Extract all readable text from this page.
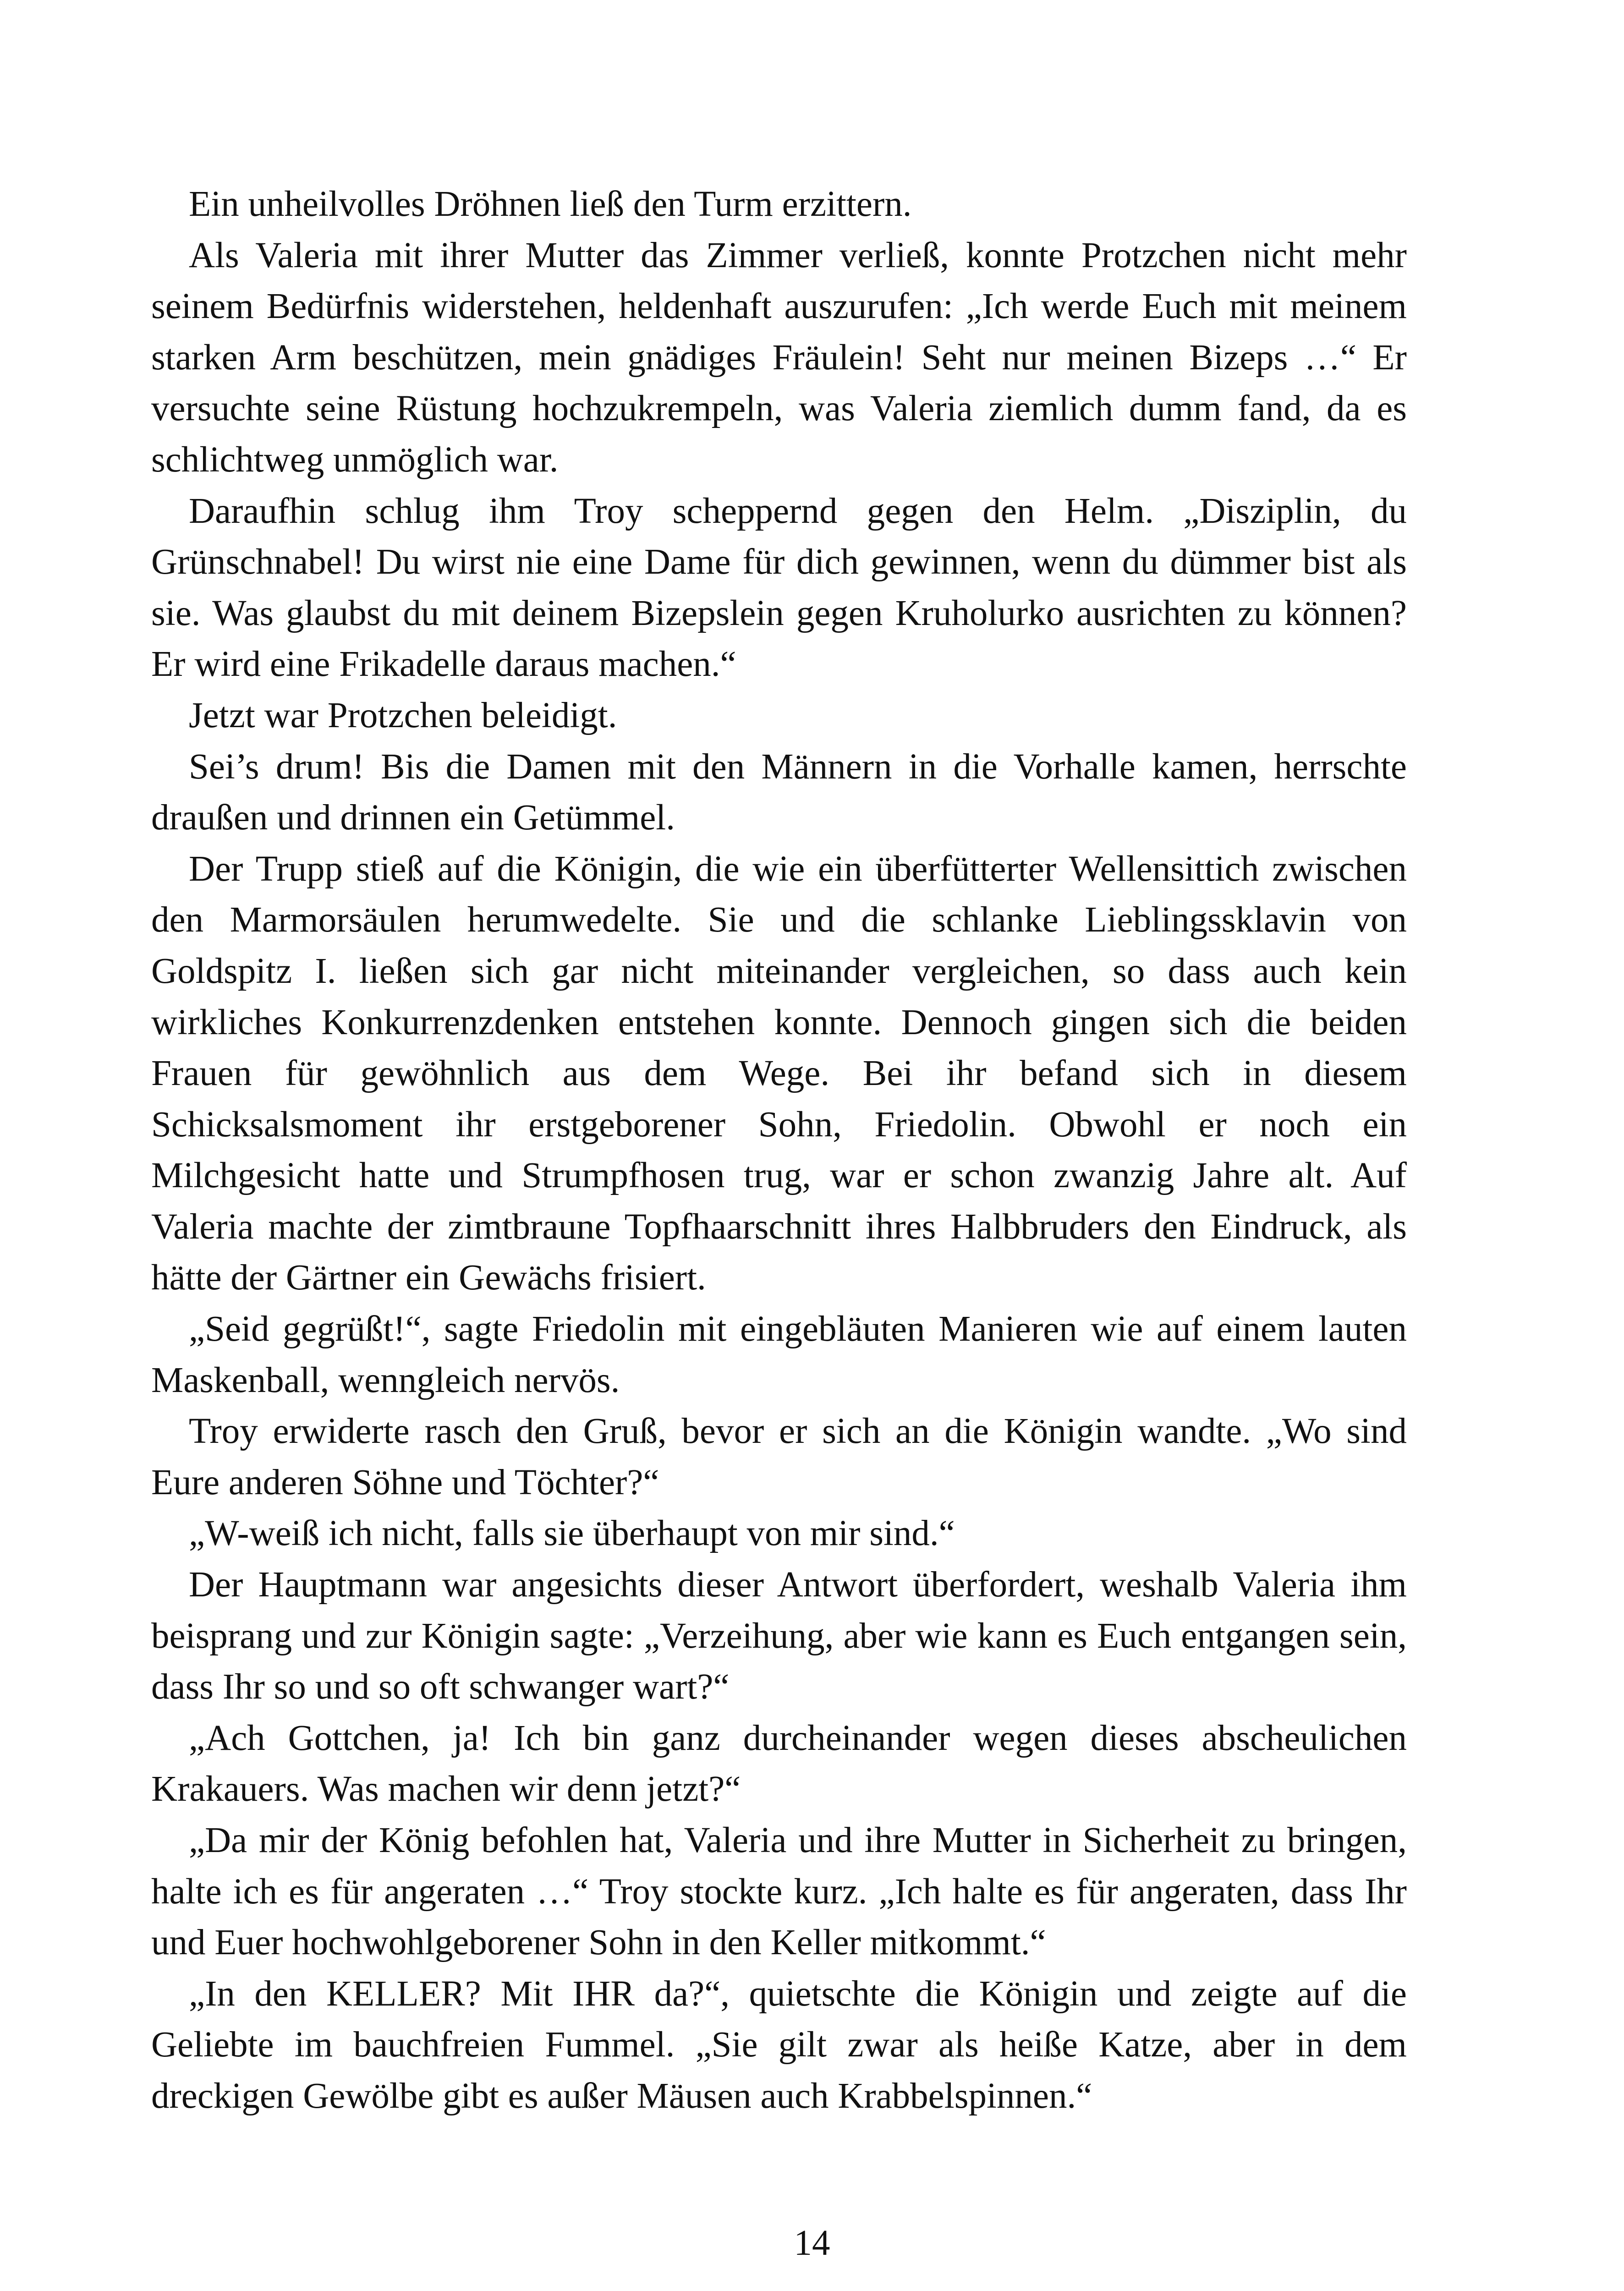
Ein unheilvolles Dröhnen ließ den Turm erzittern.

Als Valeria mit ihrer Mutter das Zimmer verließ, konnte Protzchen nicht mehr seinem Bedürfnis widerstehen, heldenhaft auszurufen: „Ich werde Euch mit meinem starken Arm beschützen, mein gnädiges Fräulein! Seht nur meinen Bizeps …“ Er versuchte seine Rüstung hochzukrempeln, was Valeria ziemlich dumm fand, da es schlichtweg unmöglich war.

Daraufhin schlug ihm Troy scheppernd gegen den Helm. „Disziplin, du Grünschnabel! Du wirst nie eine Dame für dich gewinnen, wenn du dümmer bist als sie. Was glaubst du mit deinem Bizepslein gegen Kruholurko ausrichten zu können? Er wird eine Frikadelle daraus machen.“

Jetzt war Protzchen beleidigt.

Sei’s drum! Bis die Damen mit den Männern in die Vorhalle kamen, herrschte draußen und drinnen ein Getümmel.

Der Trupp stieß auf die Königin, die wie ein überfütterter Wellensittich zwischen den Marmorsäulen herumwedelte. Sie und die schlanke Lieblingssklavin von Goldspitz I. ließen sich gar nicht miteinander vergleichen, so dass auch kein wirkliches Konkurrenzdenken entstehen konnte. Dennoch gingen sich die beiden Frauen für gewöhnlich aus dem Wege. Bei ihr befand sich in diesem Schicksalsmoment ihr erstgeborener Sohn, Friedolin. Obwohl er noch ein Milchgesicht hatte und Strumpfhosen trug, war er schon zwanzig Jahre alt. Auf Valeria machte der zimtbraune Topfhaarschnitt ihres Halbbruders den Eindruck, als hätte der Gärtner ein Gewächs frisiert.

„Seid gegrüßt!“, sagte Friedolin mit eingebläuten Manieren wie auf einem lauten Maskenball, wenngleich nervös.

Troy erwiderte rasch den Gruß, bevor er sich an die Königin wandte. „Wo sind Eure anderen Söhne und Töchter?“

„W-weiß ich nicht, falls sie überhaupt von mir sind.“

Der Hauptmann war angesichts dieser Antwort überfordert, weshalb Valeria ihm beisprang und zur Königin sagte: „Verzeihung, aber wie kann es Euch entgangen sein, dass Ihr so und so oft schwanger wart?“

„Ach Gottchen, ja! Ich bin ganz durcheinander wegen dieses abscheulichen Krakauers. Was machen wir denn jetzt?“

„Da mir der König befohlen hat, Valeria und ihre Mutter in Sicherheit zu bringen, halte ich es für angeraten …“ Troy stockte kurz. „Ich halte es für angeraten, dass Ihr und Euer hochwohlgeborener Sohn in den Keller mitkommt.“

„In den KELLER? Mit IHR da?“, quietschte die Königin und zeigte auf die Geliebte im bauchfreien Fummel. „Sie gilt zwar als heiße Katze, aber in dem dreckigen Gewölbe gibt es außer Mäusen auch Krabbelspinnen.“

14
